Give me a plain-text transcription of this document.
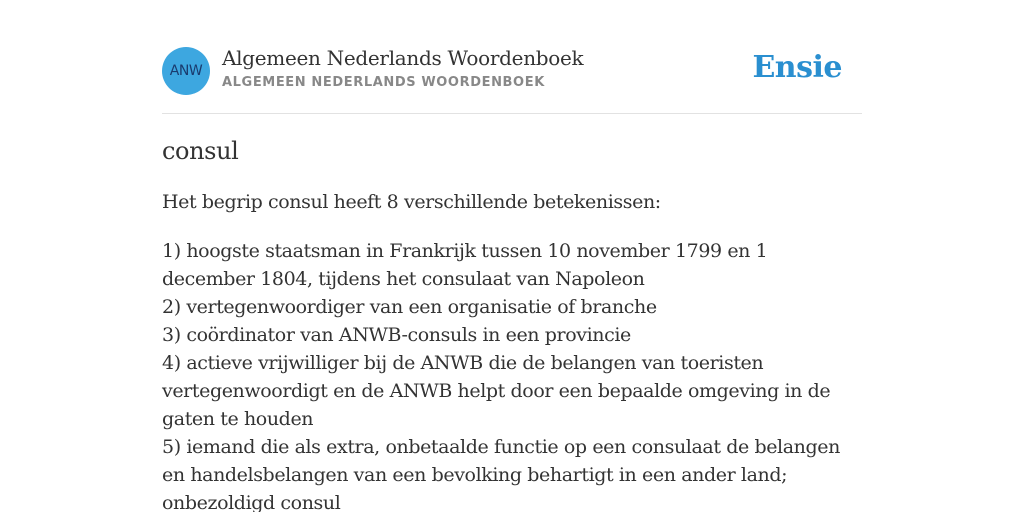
ANW
Algemeen Nederlands Woordenboek
ALGEMEEN NEDERLANDS WOORDENBOEK	Ensie
consul

Het begrip consul heeft 8 verschillende betekenissen:

1) hoogste staatsman in Frankrijk tussen 10 november 1799 en 1 december 1804, tijdens het consulaat van Napoleon

2) vertegenwoordiger van een organisatie of branche

3) coördinator van ANWB-consuls in een provincie

4) actieve vrijwilliger bij de ANWB die de belangen van toeristen vertegenwoordigt en de ANWB helpt door een bepaalde omgeving in de gaten te houden

5) iemand die als extra, onbetaalde functie op een consulaat de belangen en handelsbelangen van een bevolking behartigt in een ander land; onbezoldigd consul
